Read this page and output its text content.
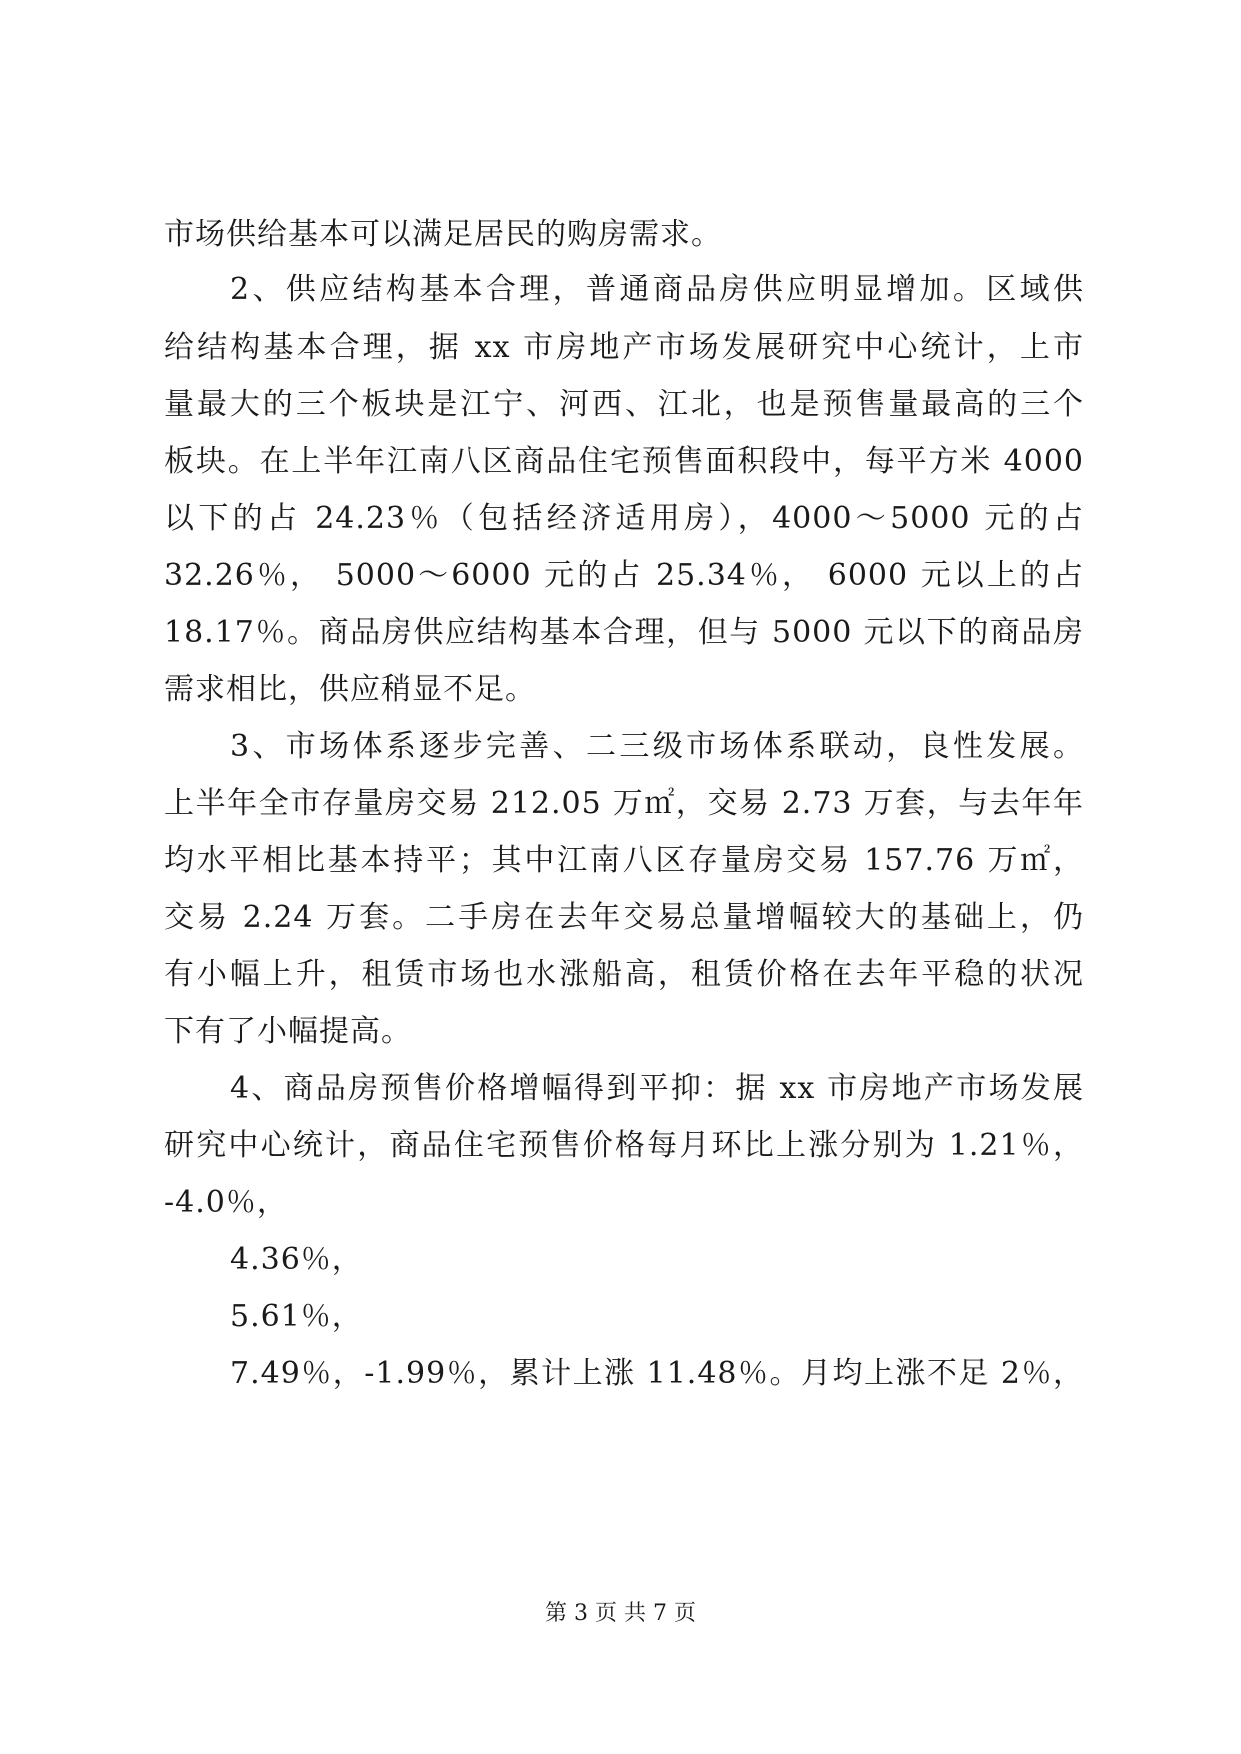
市场供给基本可以满足居民的购房需求。
2、供应结构基本合理，普通商品房供应明显增加。区域供
给结构基本合理，据 xx 市房地产市场发展研究中心统计，上市
量最大的三个板块是江宁、河西、江北，也是预售量最高的三个
板块。在上半年江南八区商品住宅预售面积段中，每平方米 4000
以下的占 24.23％（包括经济适用房），4000～5000 元的占
32.26％， 5000～6000 元的占 25.34％， 6000 元以上的占
18.17％。商品房供应结构基本合理，但与 5000 元以下的商品房
需求相比，供应稍显不足。
3、市场体系逐步完善、二三级市场体系联动，良性发展。
上半年全市存量房交易 212.05 万㎡，交易 2.73 万套，与去年年
均水平相比基本持平；其中江南八区存量房交易 157.76 万㎡，
交易 2.24 万套。二手房在去年交易总量增幅较大的基础上，仍
有小幅上升，租赁市场也水涨船高，租赁价格在去年平稳的状况
下有了小幅提高。
4、商品房预售价格增幅得到平抑：据 xx 市房地产市场发展
研究中心统计，商品住宅预售价格每月环比上涨分别为 1.21％，
-4.0％，
4.36％，
5.61％，
7.49％，-1.99％，累计上涨 11.48％。月均上涨不足 2％，
第 3 页 共 7 页
